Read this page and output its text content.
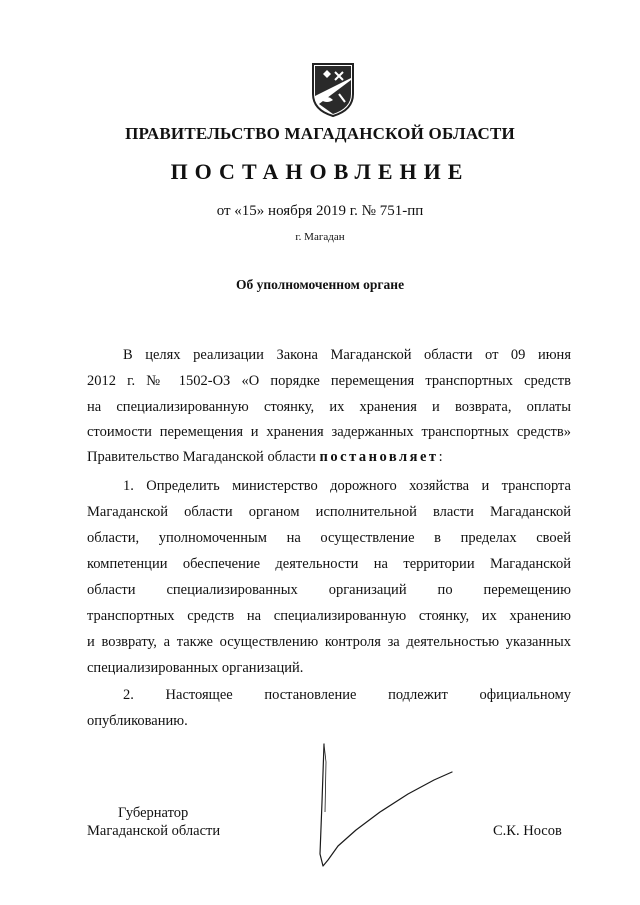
ПРАВИТЕЛЬСТВО МАГАДАНСКОЙ ОБЛАСТИ
ПОСТАНОВЛЕНИЕ
от «15» ноября 2019 г. № 751-пп
г. Магадан
Об уполномоченном органе
В целях реализации Закона Магаданской области от 09 июня
2012 г. № 1502-ОЗ «О порядке перемещения транспортных средств
на специализированную стоянку, их хранения и возврата, оплаты
стоимости перемещения и хранения задержанных транспортных средств»
Правительство Магаданской области постановляет:
1. Определить министерство дорожного хозяйства и транспорта
Магаданской области органом исполнительной власти Магаданской
области, уполномоченным на осуществление в пределах своей
компетенции обеспечение деятельности на территории Магаданской
области специализированных организаций по перемещению
транспортных средств на специализированную стоянку, их хранению
и возврату, а также осуществлению контроля за деятельностью указанных
специализированных организаций.
2. Настоящее постановление подлежит официальному
опубликованию.
Губернатор
Магаданской области	С.К. Носов
